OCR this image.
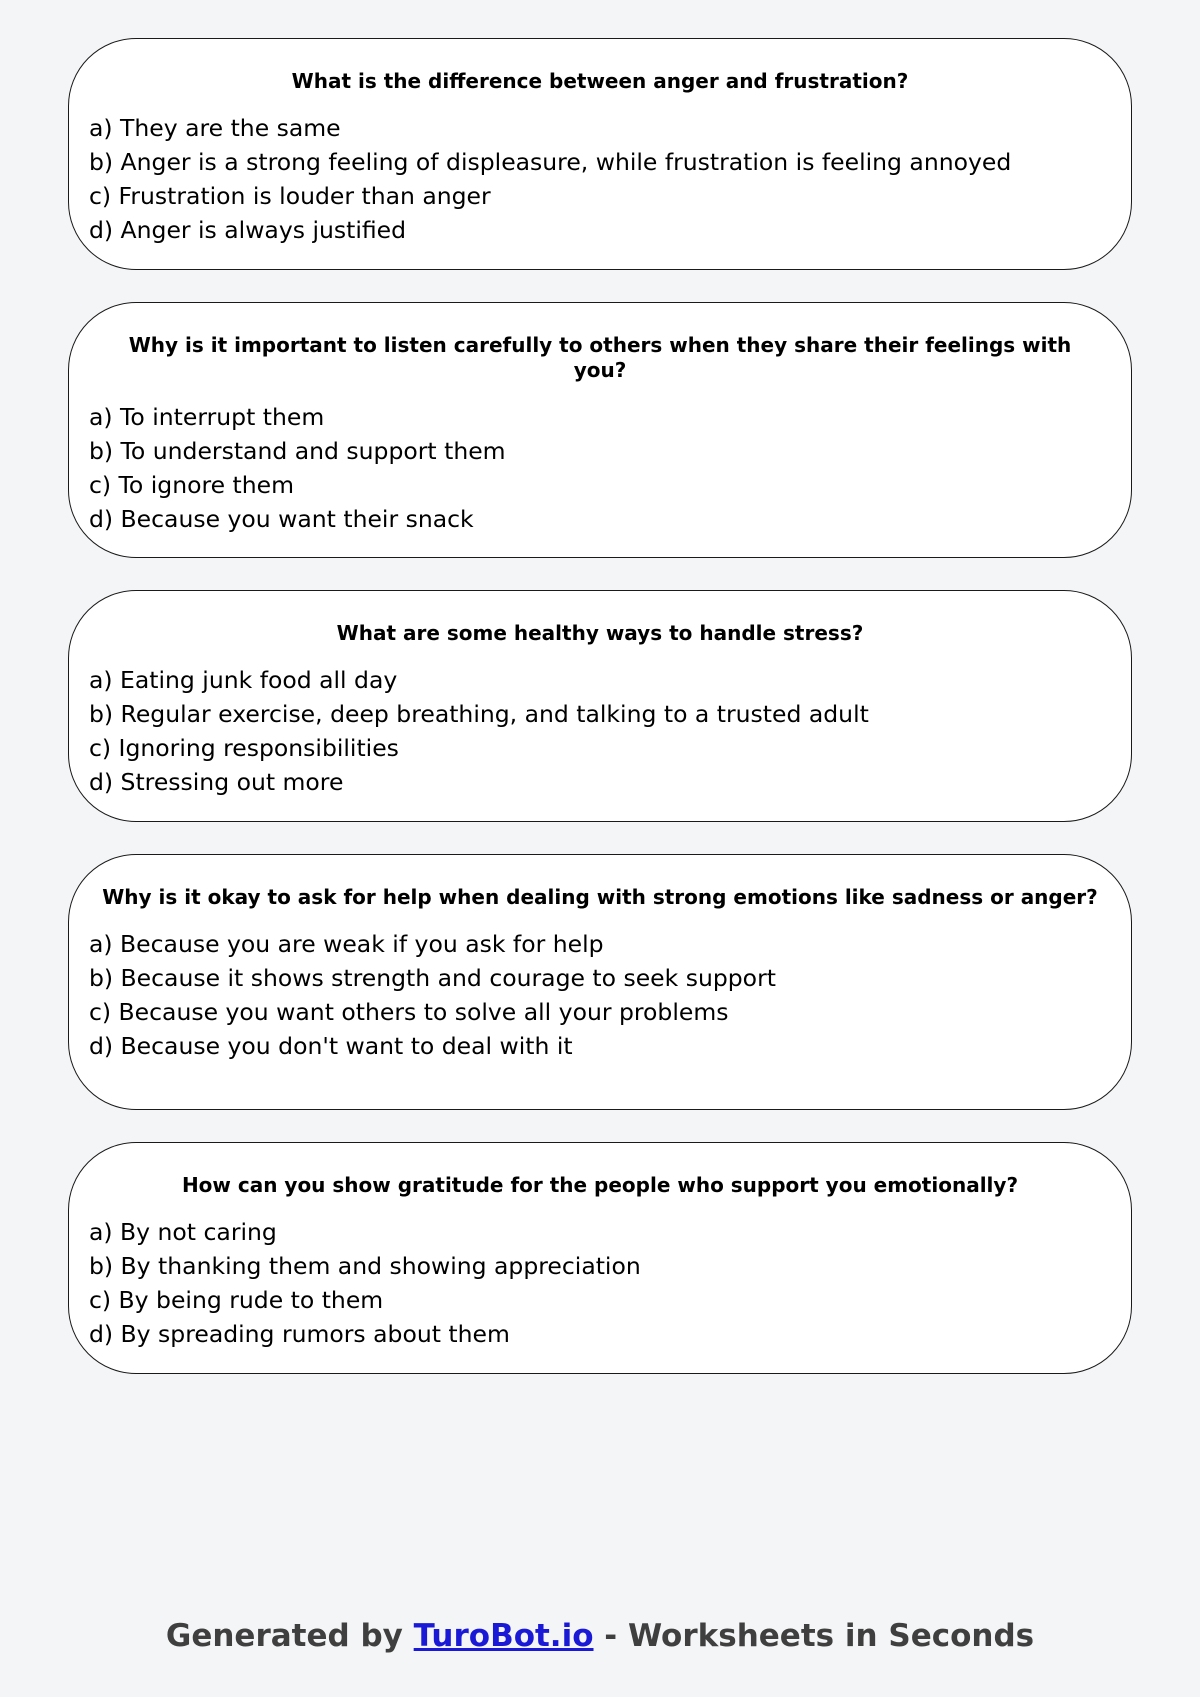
What is the difference between anger and frustration?
a) They are the same
b) Anger is a strong feeling of displeasure, while frustration is feeling annoyed
c) Frustration is louder than anger
d) Anger is always justified
Why is it important to listen carefully to others when they share their feelings with you?
a) To interrupt them
b) To understand and support them
c) To ignore them
d) Because you want their snack
What are some healthy ways to handle stress?
a) Eating junk food all day
b) Regular exercise, deep breathing, and talking to a trusted adult
c) Ignoring responsibilities
d) Stressing out more
Why is it okay to ask for help when dealing with strong emotions like sadness or anger?
a) Because you are weak if you ask for help
b) Because it shows strength and courage to seek support
c) Because you want others to solve all your problems
d) Because you don't want to deal with it
How can you show gratitude for the people who support you emotionally?
a) By not caring
b) By thanking them and showing appreciation
c) By being rude to them
d) By spreading rumors about them
Generated by TuroBot.io - Worksheets in Seconds
